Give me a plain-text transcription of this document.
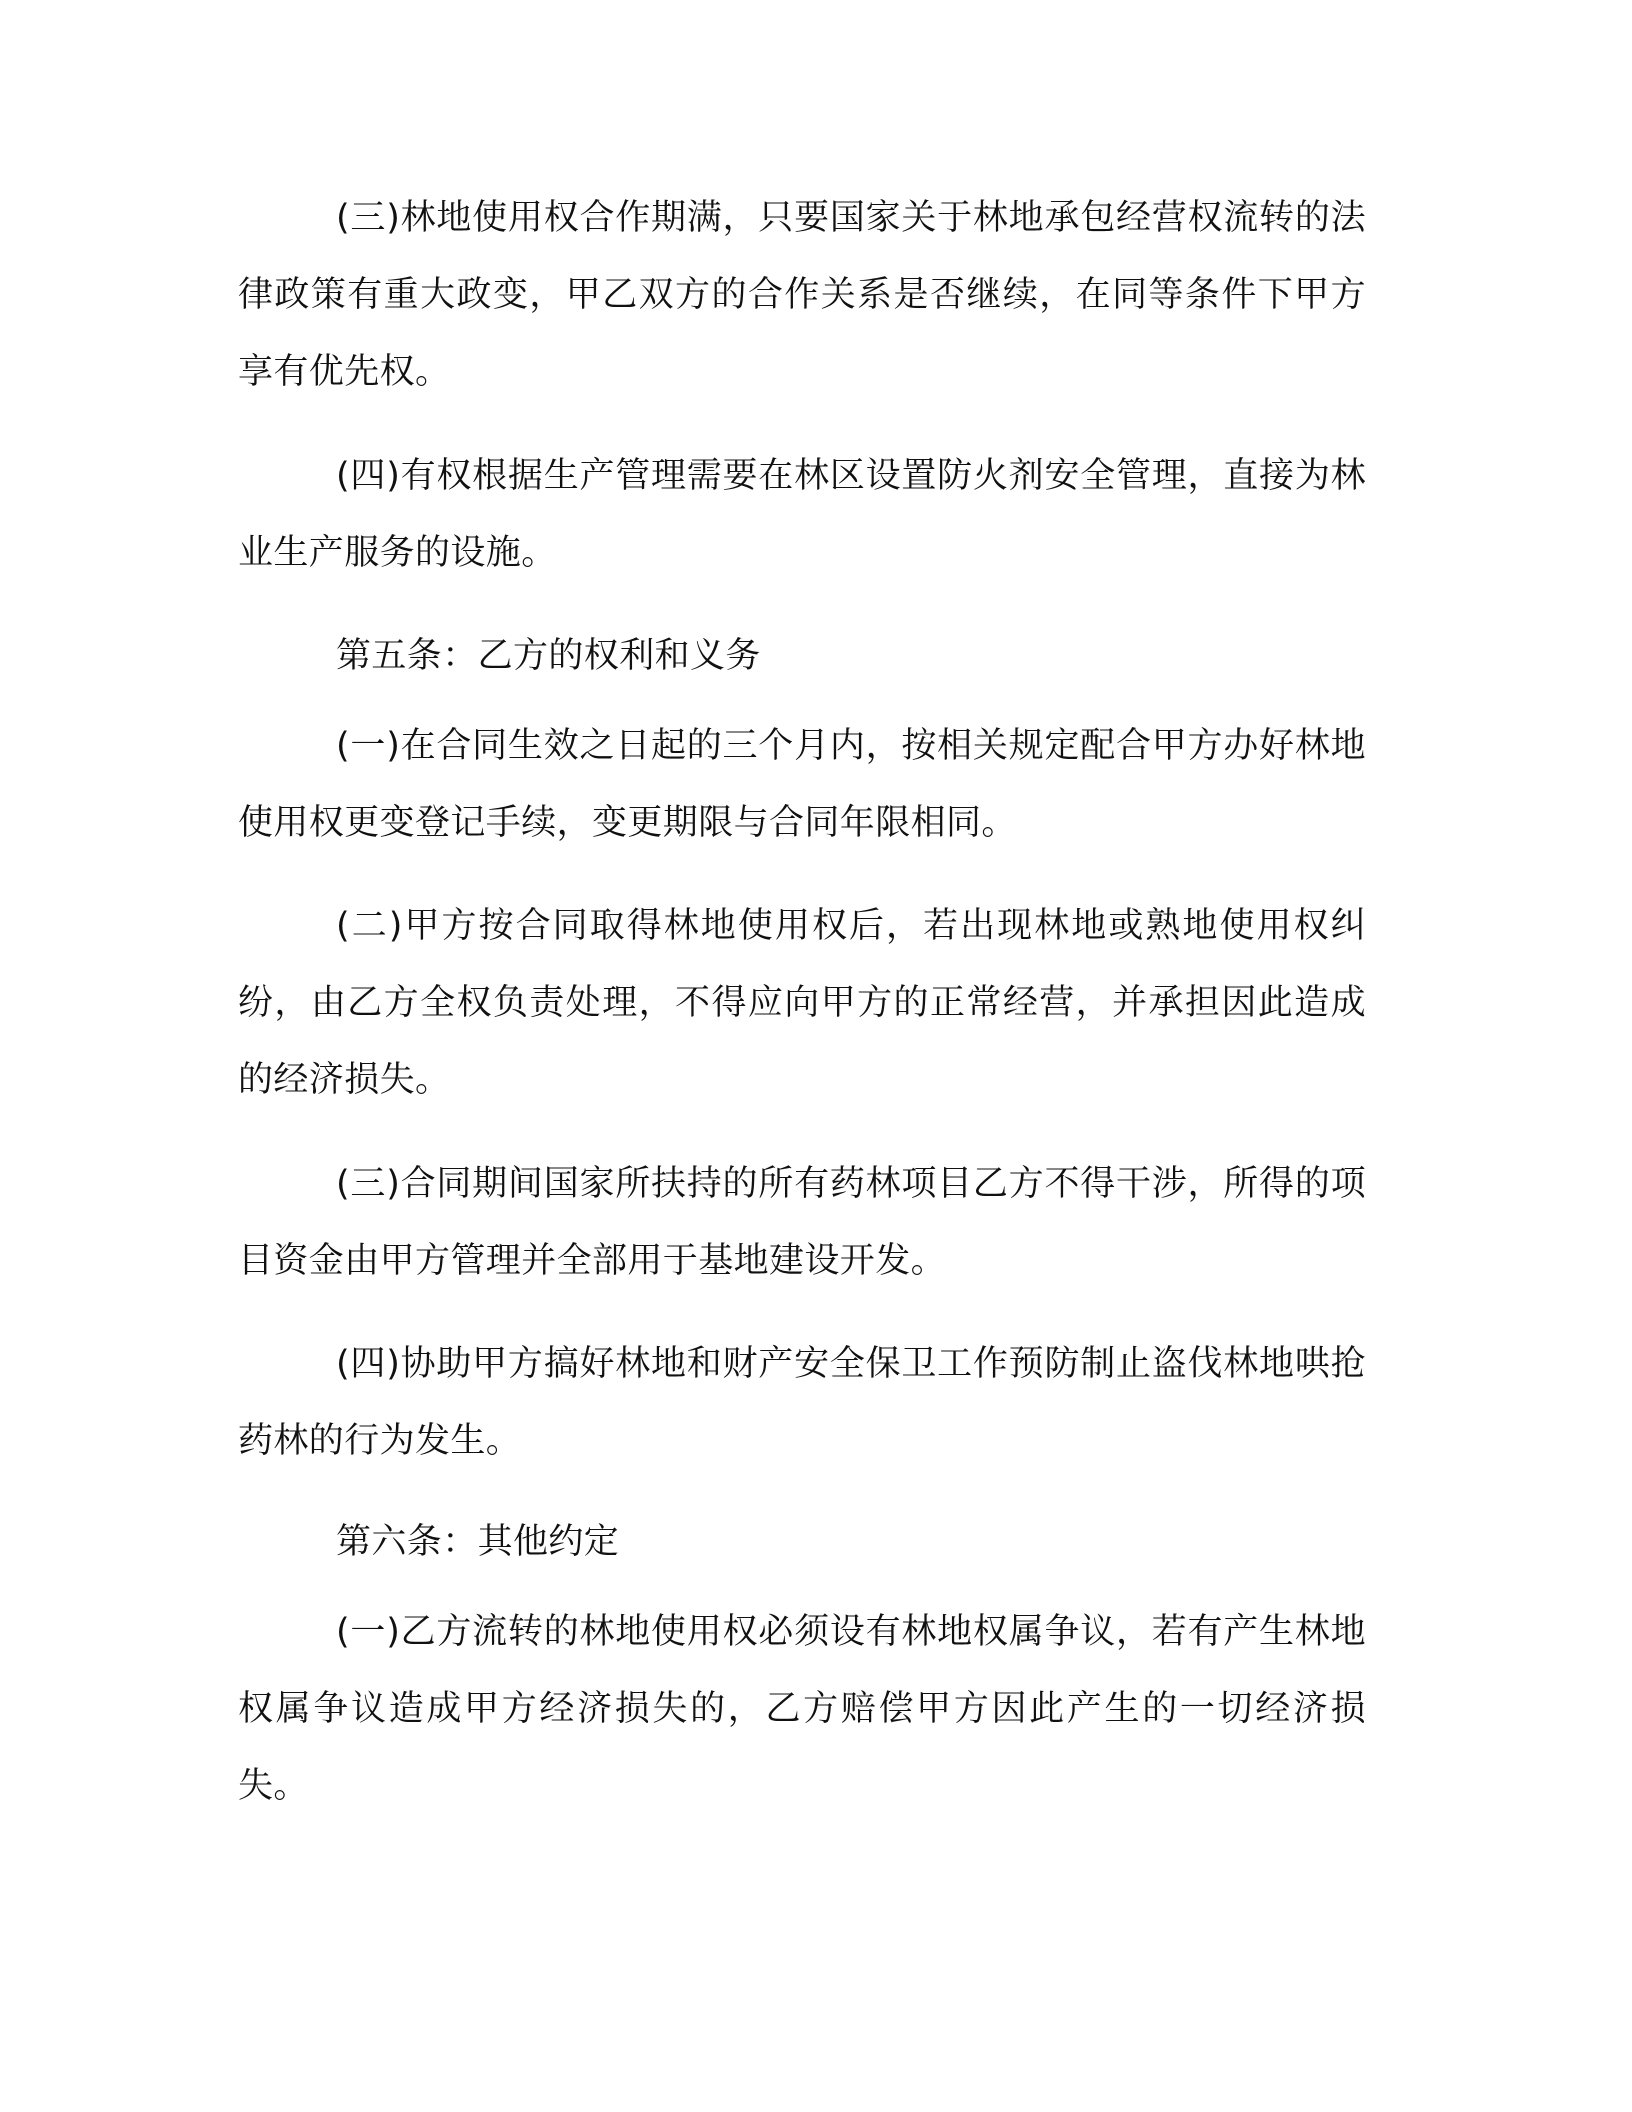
(三)林地使用权合作期满，只要国家关于林地承包经营权流转的法律政策有重大政变，甲乙双方的合作关系是否继续，在同等条件下甲方享有优先权。

(四)有权根据生产管理需要在林区设置防火剂安全管理，直接为林业生产服务的设施。

第五条：乙方的权利和义务

(一)在合同生效之日起的三个月内，按相关规定配合甲方办好林地使用权更变登记手续，变更期限与合同年限相同。

(二)甲方按合同取得林地使用权后，若出现林地或熟地使用权纠纷，由乙方全权负责处理，不得应向甲方的正常经营，并承担因此造成的经济损失。

(三)合同期间国家所扶持的所有药林项目乙方不得干涉，所得的项目资金由甲方管理并全部用于基地建设开发。

(四)协助甲方搞好林地和财产安全保卫工作预防制止盗伐林地哄抢药林的行为发生。

第六条：其他约定

(一)乙方流转的林地使用权必须设有林地权属争议，若有产生林地权属争议造成甲方经济损失的，乙方赔偿甲方因此产生的一切经济损失。
